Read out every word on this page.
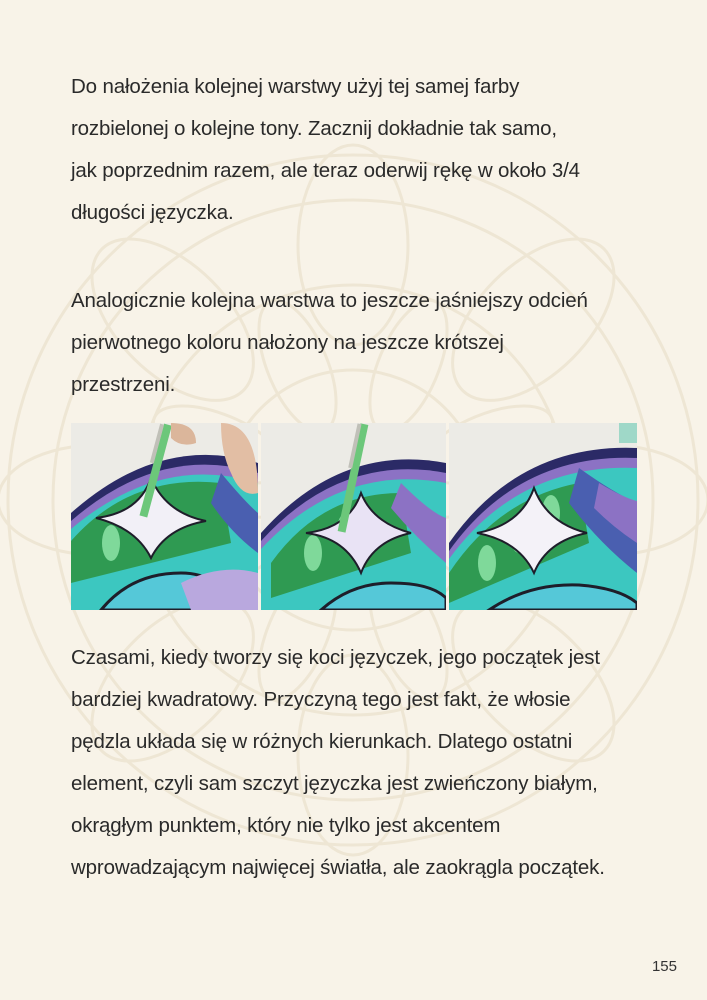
Do nałożenia kolejnej warstwy użyj tej samej farby
rozbielonej o kolejne tony. Zacznij dokładnie tak samo,
jak poprzednim razem, ale teraz oderwij rękę w około 3/4
długości języczka.

Analogicznie kolejna warstwa to jeszcze jaśniejszy odcień
pierwotnego koloru nałożony na jeszcze krótszej
przestrzeni.

Czasami, kiedy tworzy się koci języczek, jego początek jest
bardziej kwadratowy. Przyczyną tego jest fakt, że włosie
pędzla układa się w różnych kierunkach. Dlatego ostatni
element, czyli sam szczyt języczka jest zwieńczony białym,
okrągłym punktem, który nie tylko jest akcentem
wprowadzającym najwięcej światła, ale zaokrągla początek.

155
